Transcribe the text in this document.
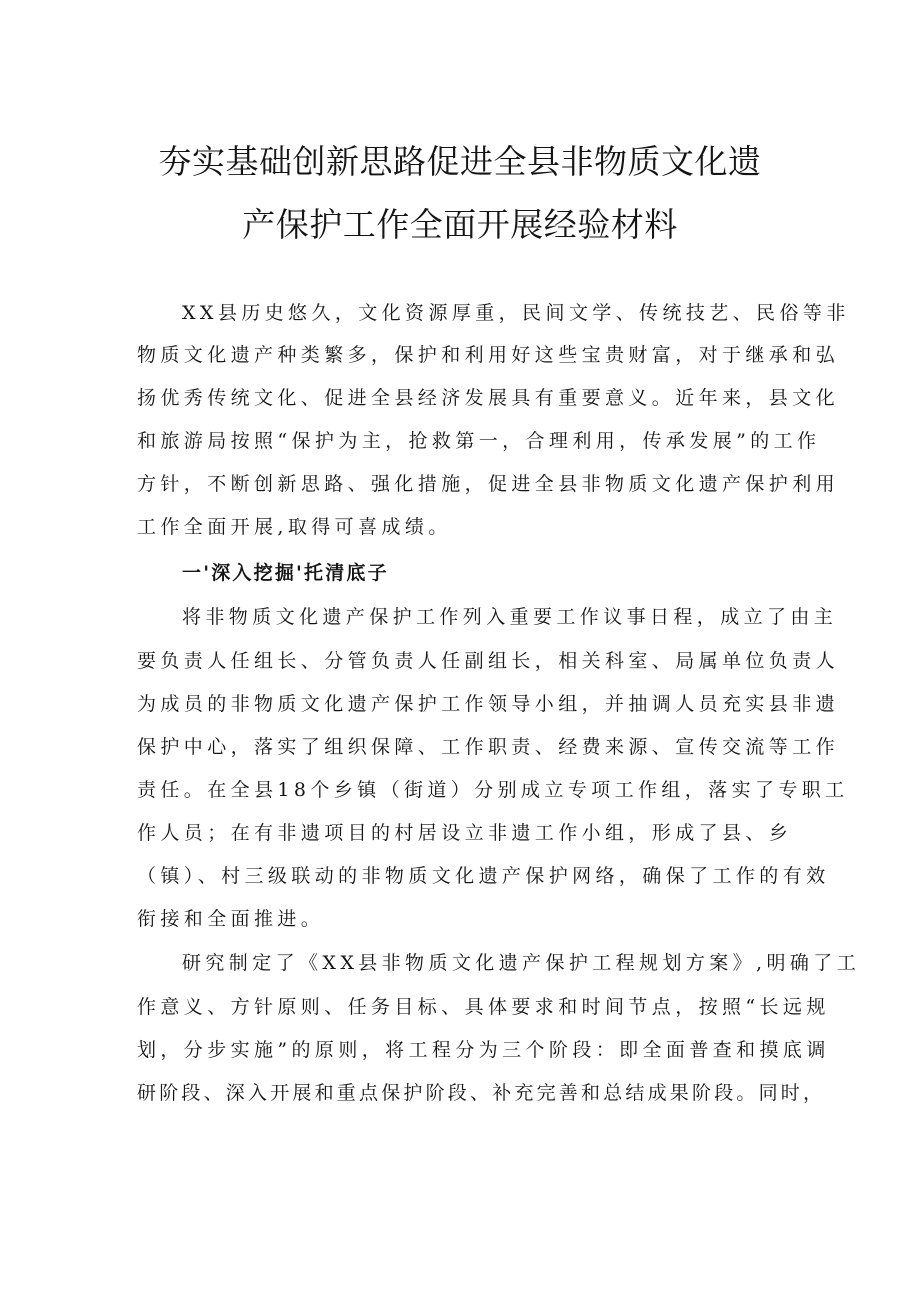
夯实基础创新思路促进全县非物质文化遗
产保护工作全面开展经验材料
XX县历史悠久，文化资源厚重，民间文学、传统技艺、民俗等非
物质文化遗产种类繁多，保护和利用好这些宝贵财富，对于继承和弘
扬优秀传统文化、促进全县经济发展具有重要意义。近年来，县文化
和旅游局按照“保护为主，抢救第一，合理利用，传承发展”的工作
方针，不断创新思路、强化措施，促进全县非物质文化遗产保护利用
工作全面开展,取得可喜成绩。
一'深入挖掘'托清底子
将非物质文化遗产保护工作列入重要工作议事日程，成立了由主
要负责人任组长、分管负责人任副组长，相关科室、局属单位负责人
为成员的非物质文化遗产保护工作领导小组，并抽调人员充实县非遗
保护中心，落实了组织保障、工作职责、经费来源、宣传交流等工作
责任。在全县18个乡镇（街道）分别成立专项工作组，落实了专职工
作人员；在有非遗项目的村居设立非遗工作小组，形成了县、乡
（镇）、村三级联动的非物质文化遗产保护网络，确保了工作的有效
衔接和全面推进。
研究制定了《XX县非物质文化遗产保护工程规划方案》,明确了工
作意义、方针原则、任务目标、具体要求和时间节点，按照“长远规
划，分步实施”的原则，将工程分为三个阶段：即全面普查和摸底调
研阶段、深入开展和重点保护阶段、补充完善和总结成果阶段。同时，
